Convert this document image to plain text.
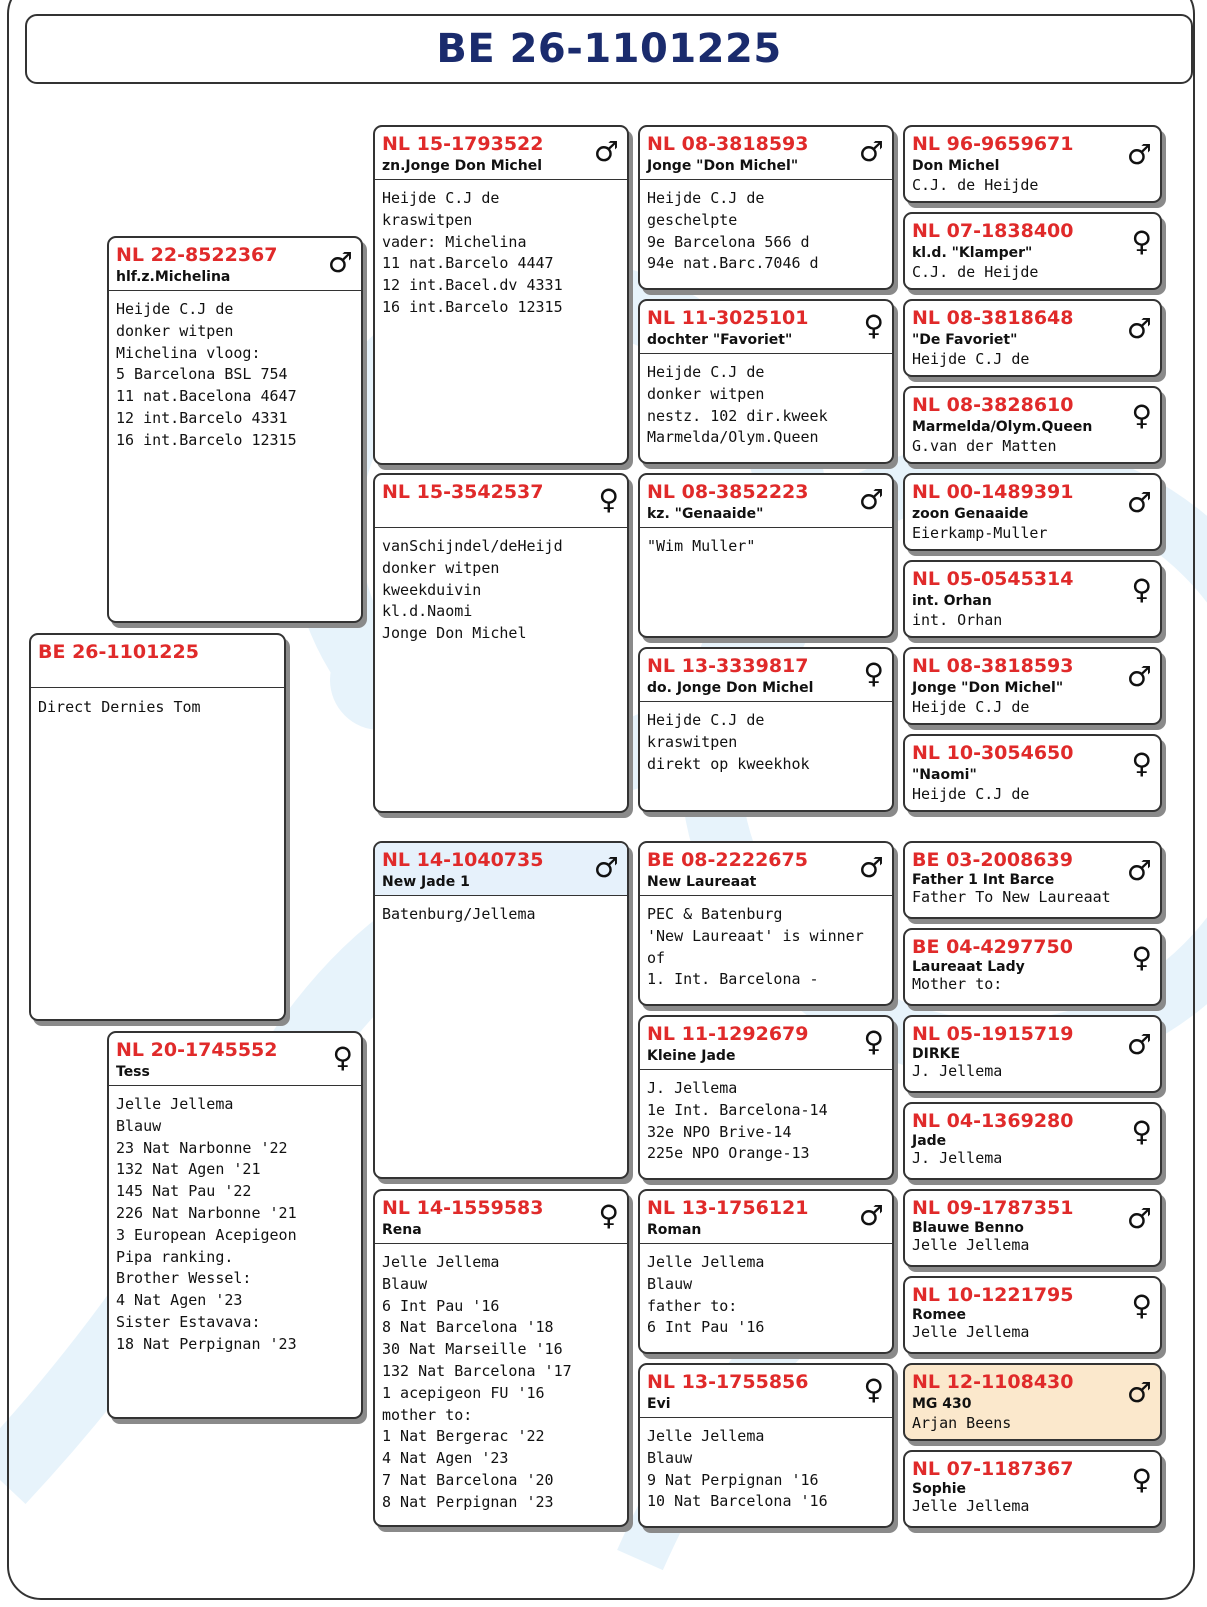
BE 26-1101225
BE 26-1101225
Direct Dernies Tom
NL 22-8522367
hlf.z.Michelina	♂
Heijde C.J de
donker witpen
Michelina vloog:
5 Barcelona BSL 754
11 nat.Bacelona 4647
12 int.Barcelo 4331
16 int.Barcelo 12315
NL 20-1745552
Tess	♀
Jelle Jellema
Blauw
23 Nat Narbonne '22
132 Nat Agen '21
145 Nat Pau '22
226 Nat Narbonne '21
3 European Acepigeon
Pipa ranking.
Brother Wessel:
4 Nat Agen '23
Sister Estavava:
18 Nat Perpignan '23
NL 15-1793522
zn.Jonge Don Michel	♂
Heijde C.J de
kraswitpen
vader: Michelina
11 nat.Barcelo 4447
12 int.Bacel.dv 4331
16 int.Barcelo 12315
NL 15-3542537	♀
vanSchijndel/deHeijd
donker witpen
kweekduivin
kl.d.Naomi
Jonge Don Michel
NL 14-1040735
New Jade 1	♂
Batenburg/Jellema
NL 14-1559583
Rena	♀
Jelle Jellema
Blauw
6 Int Pau '16
8 Nat Barcelona '18
30 Nat Marseille '16
132 Nat Barcelona '17
1 acepigeon FU '16
mother to:
1 Nat Bergerac '22
4 Nat Agen '23
7 Nat Barcelona '20
8 Nat Perpignan '23
NL 08-3818593
Jonge "Don Michel"	♂
Heijde C.J de
geschelpte
9e Barcelona 566 d
94e nat.Barc.7046 d
NL 11-3025101
dochter "Favoriet"	♀
Heijde C.J de
donker witpen
nestz. 102 dir.kweek
Marmelda/Olym.Queen
NL 08-3852223
kz. "Genaaide"	♂
"Wim Muller"
NL 13-3339817
do. Jonge Don Michel	♀
Heijde C.J de
kraswitpen
direkt op kweekhok
BE 08-2222675
New Laureaat	♂
PEC & Batenburg
'New Laureaat' is winner
of
1. Int. Barcelona -
NL 11-1292679
Kleine Jade	♀
J. Jellema
1e Int. Barcelona-14
32e NPO Brive-14
225e NPO Orange-13
NL 13-1756121
Roman	♂
Jelle Jellema
Blauw
father to:
6 Int Pau '16
NL 13-1755856
Evi	♀
Jelle Jellema
Blauw
9 Nat Perpignan '16
10 Nat Barcelona '16
NL 96-9659671
Don Michel	♂
C.J. de Heijde
NL 07-1838400
kl.d. "Klamper"	♀
C.J. de Heijde
NL 08-3818648
"De Favoriet"	♂
Heijde C.J de
NL 08-3828610
Marmelda/Olym.Queen	♀
G.van der Matten
NL 00-1489391
zoon Genaaide	♂
Eierkamp-Muller
NL 05-0545314
int. Orhan	♀
int. Orhan
NL 08-3818593
Jonge "Don Michel"	♂
Heijde C.J de
NL 10-3054650
"Naomi"	♀
Heijde C.J de
BE 03-2008639
Father 1 Int Barce	♂
Father To New Laureaat
BE 04-4297750
Laureaat Lady	♀
Mother to:
NL 05-1915719
DIRKE	♂
J. Jellema
NL 04-1369280
Jade	♀
J. Jellema
NL 09-1787351
Blauwe Benno	♂
Jelle Jellema
NL 10-1221795
Romee	♀
Jelle Jellema
NL 12-1108430
MG 430	♂
Arjan Beens
NL 07-1187367
Sophie	♀
Jelle Jellema
